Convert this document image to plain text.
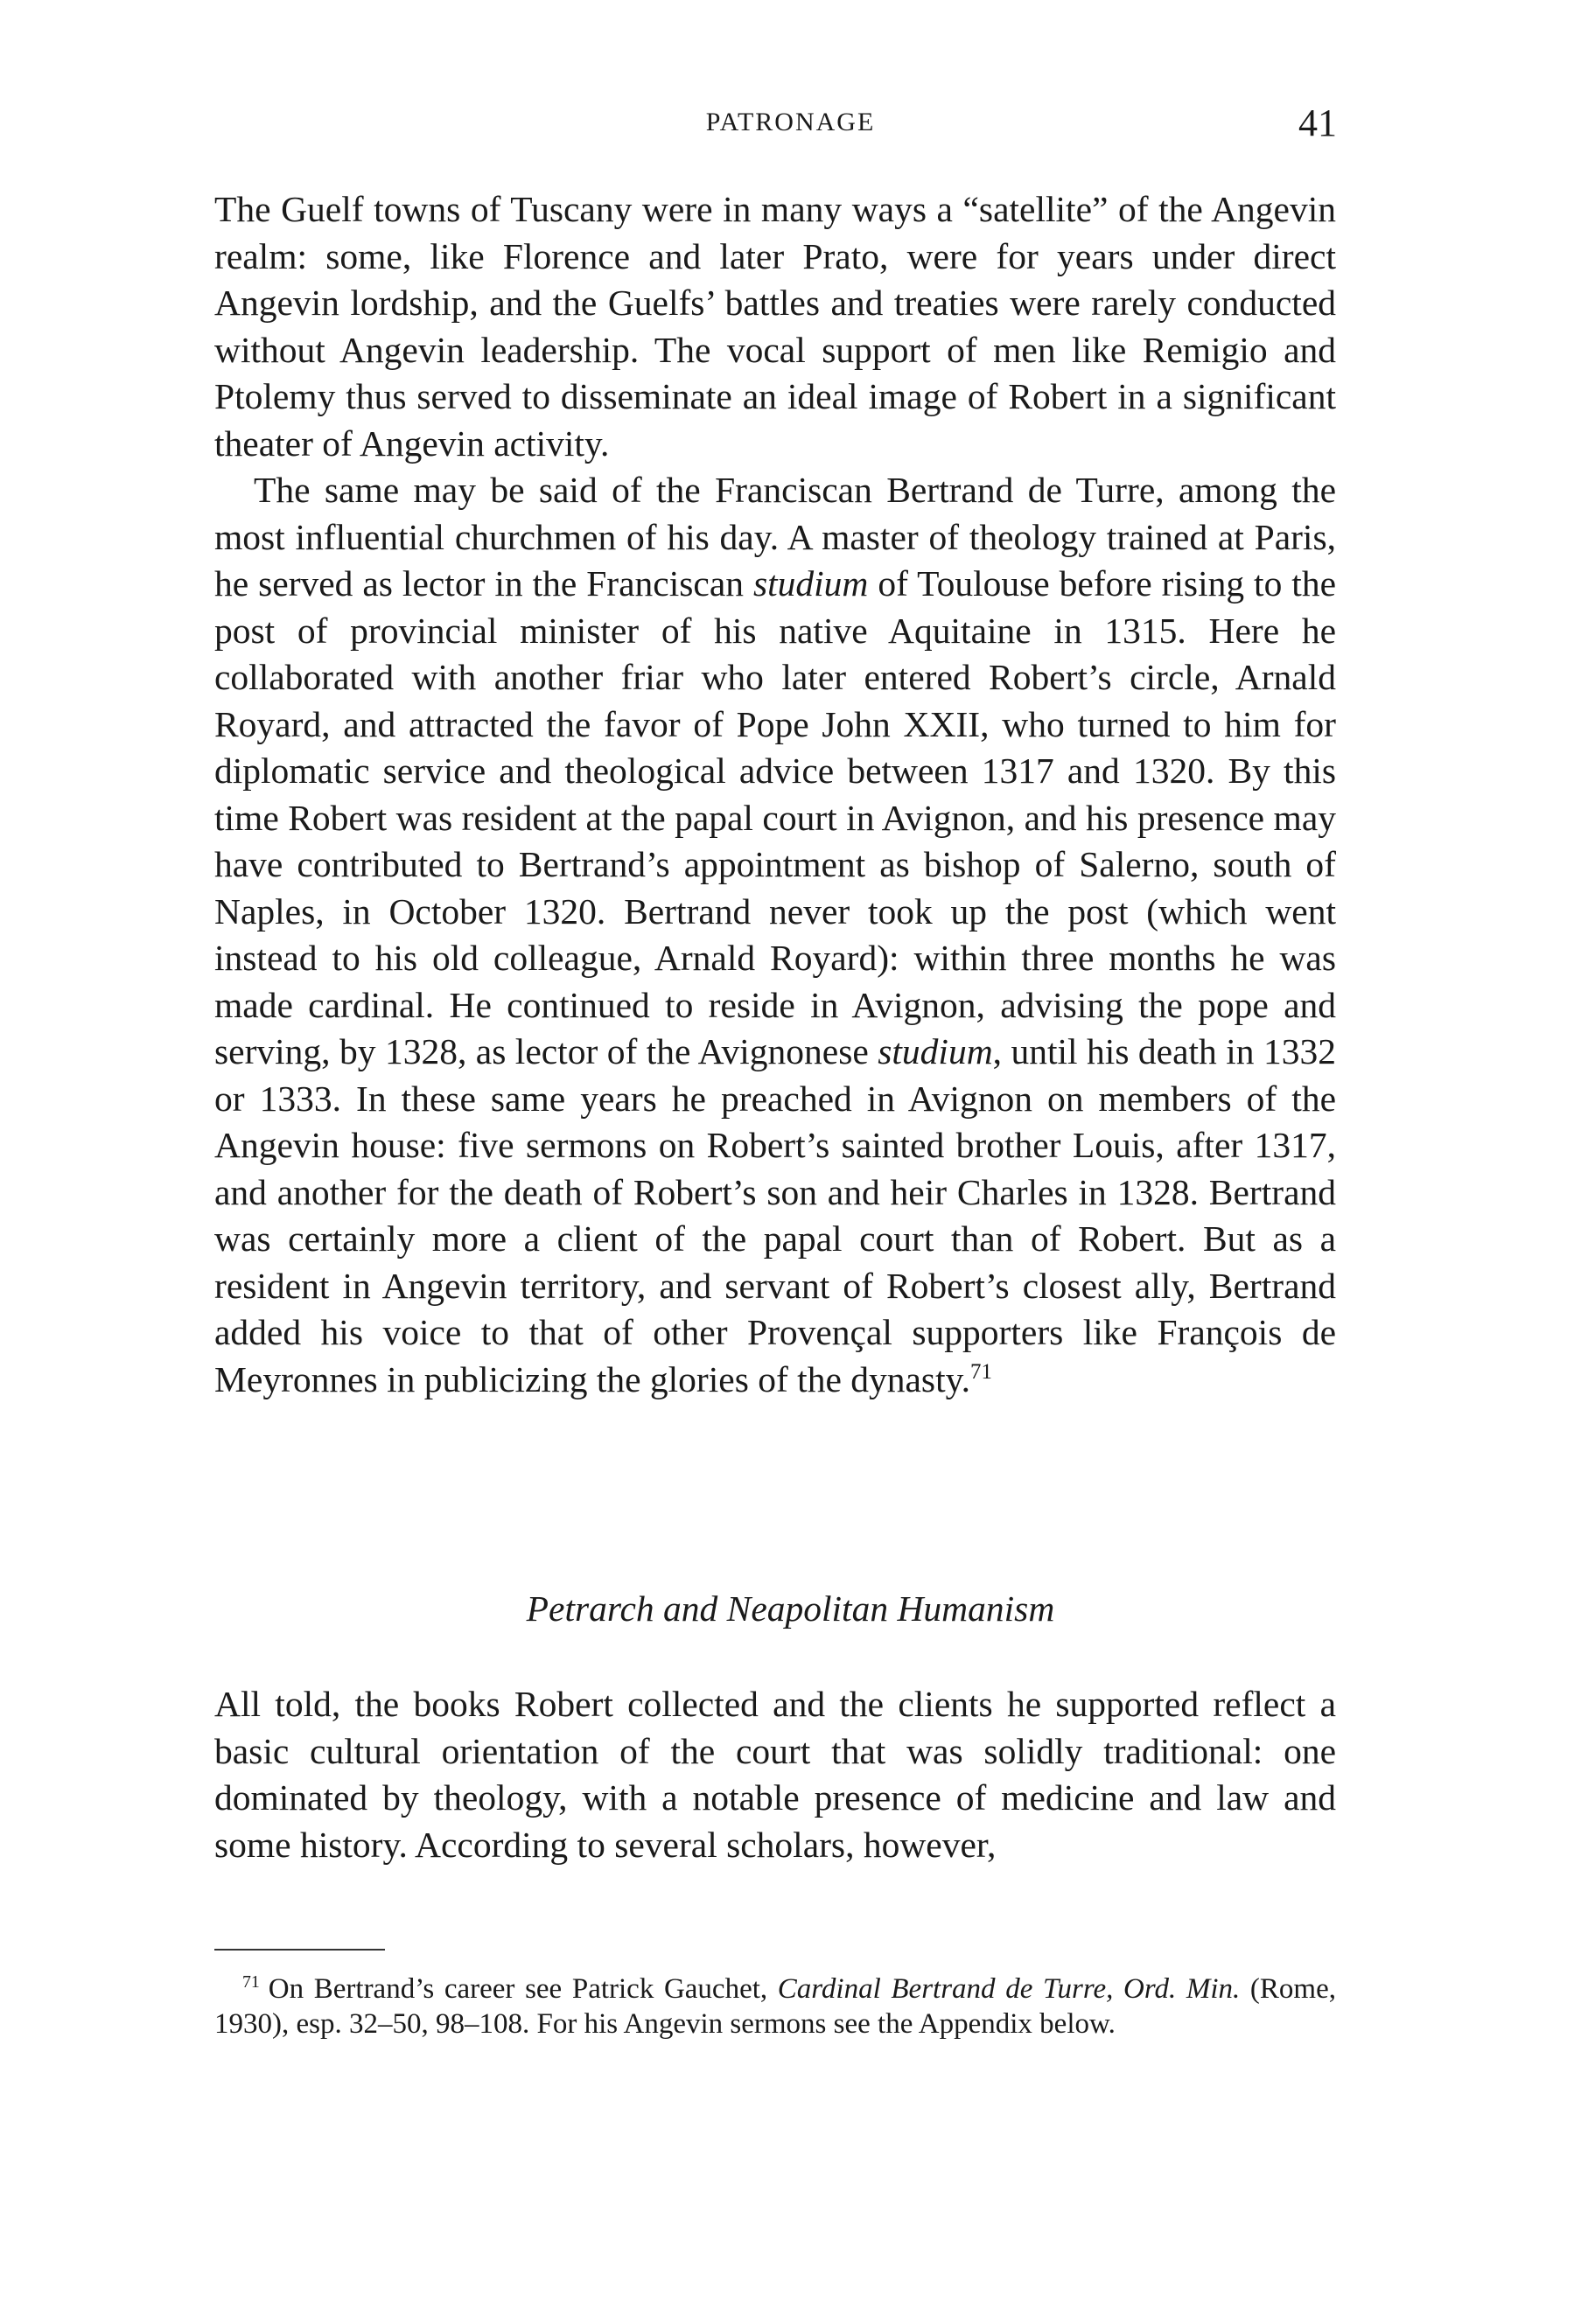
PATRONAGE	41

The Guelf towns of Tuscany were in many ways a “satellite” of the Angevin realm: some, like Florence and later Prato, were for years under direct Angevin lordship, and the Guelfs’ battles and treaties were rarely conducted without Angevin leadership. The vocal support of men like Remigio and Ptolemy thus served to disseminate an ideal image of Robert in a significant theater of Angevin activity.

The same may be said of the Franciscan Bertrand de Turre, among the most influential churchmen of his day. A master of theology trained at Paris, he served as lector in the Franciscan studium of Toulouse before rising to the post of provincial minister of his native Aquitaine in 1315. Here he collaborated with another friar who later entered Robert’s circle, Arnald Royard, and attracted the favor of Pope John XXII, who turned to him for diplomatic service and theological advice between 1317 and 1320. By this time Robert was resident at the papal court in Avignon, and his presence may have contributed to Bertrand’s appointment as bishop of Salerno, south of Naples, in October 1320. Bertrand never took up the post (which went instead to his old colleague, Arnald Royard): within three months he was made cardinal. He continued to reside in Avignon, advising the pope and serving, by 1328, as lector of the Avignonese studium, until his death in 1332 or 1333. In these same years he preached in Avignon on members of the Angevin house: five sermons on Robert’s sainted brother Louis, after 1317, and another for the death of Robert’s son and heir Charles in 1328. Bertrand was certainly more a client of the papal court than of Robert. But as a resident in Angevin territory, and servant of Robert’s closest ally, Bertrand added his voice to that of other Provençal supporters like François de Meyronnes in publicizing the glories of the dynasty.$^{71}$

Petrarch and Neapolitan Humanism

All told, the books Robert collected and the clients he supported reflect a basic cultural orientation of the court that was solidly traditional: one dominated by theology, with a notable presence of medicine and law and some history. According to several scholars, however,

$^{71}$ On Bertrand’s career see Patrick Gauchet, Cardinal Bertrand de Turre, Ord. Min. (Rome, 1930), esp. 32–50, 98–108. For his Angevin sermons see the Appendix below.
